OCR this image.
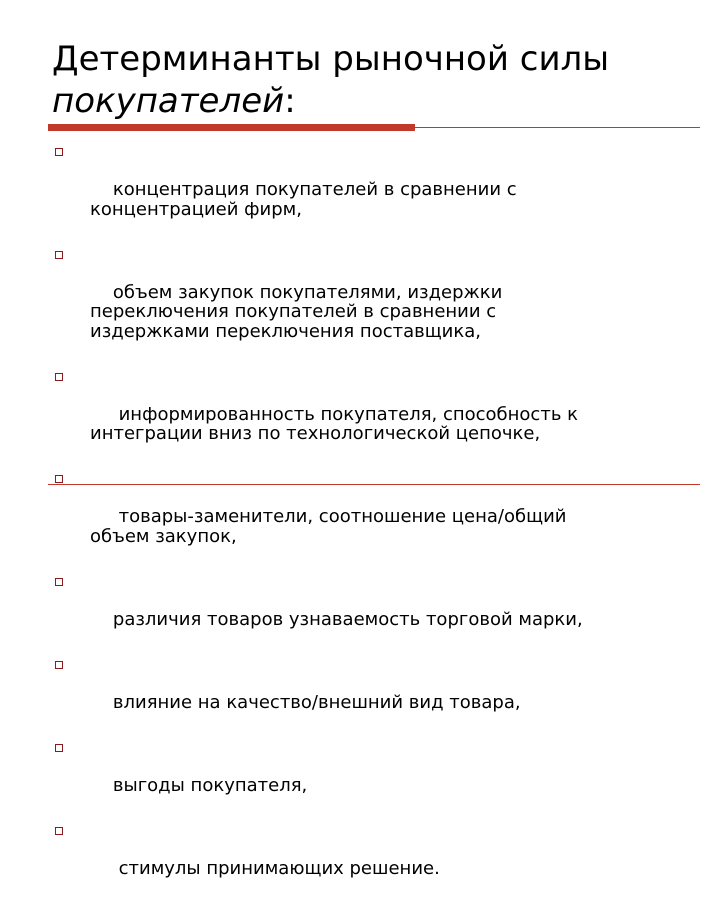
Детерминанты рыночной силы
покупателей:

концентрация покупателей в сравнении с
концентрацией фирм,

объем закупок покупателями, издержки
переключения покупателей в сравнении с
издержками переключения поставщика,

информированность покупателя, способность к
интеграции вниз по технологической цепочке,

товары-заменители, соотношение цена/общий
объем закупок,

различия товаров узнаваемость торговой марки,

влияние на качество/внешний вид товара,

выгоды покупателя,

стимулы принимающих решение.
